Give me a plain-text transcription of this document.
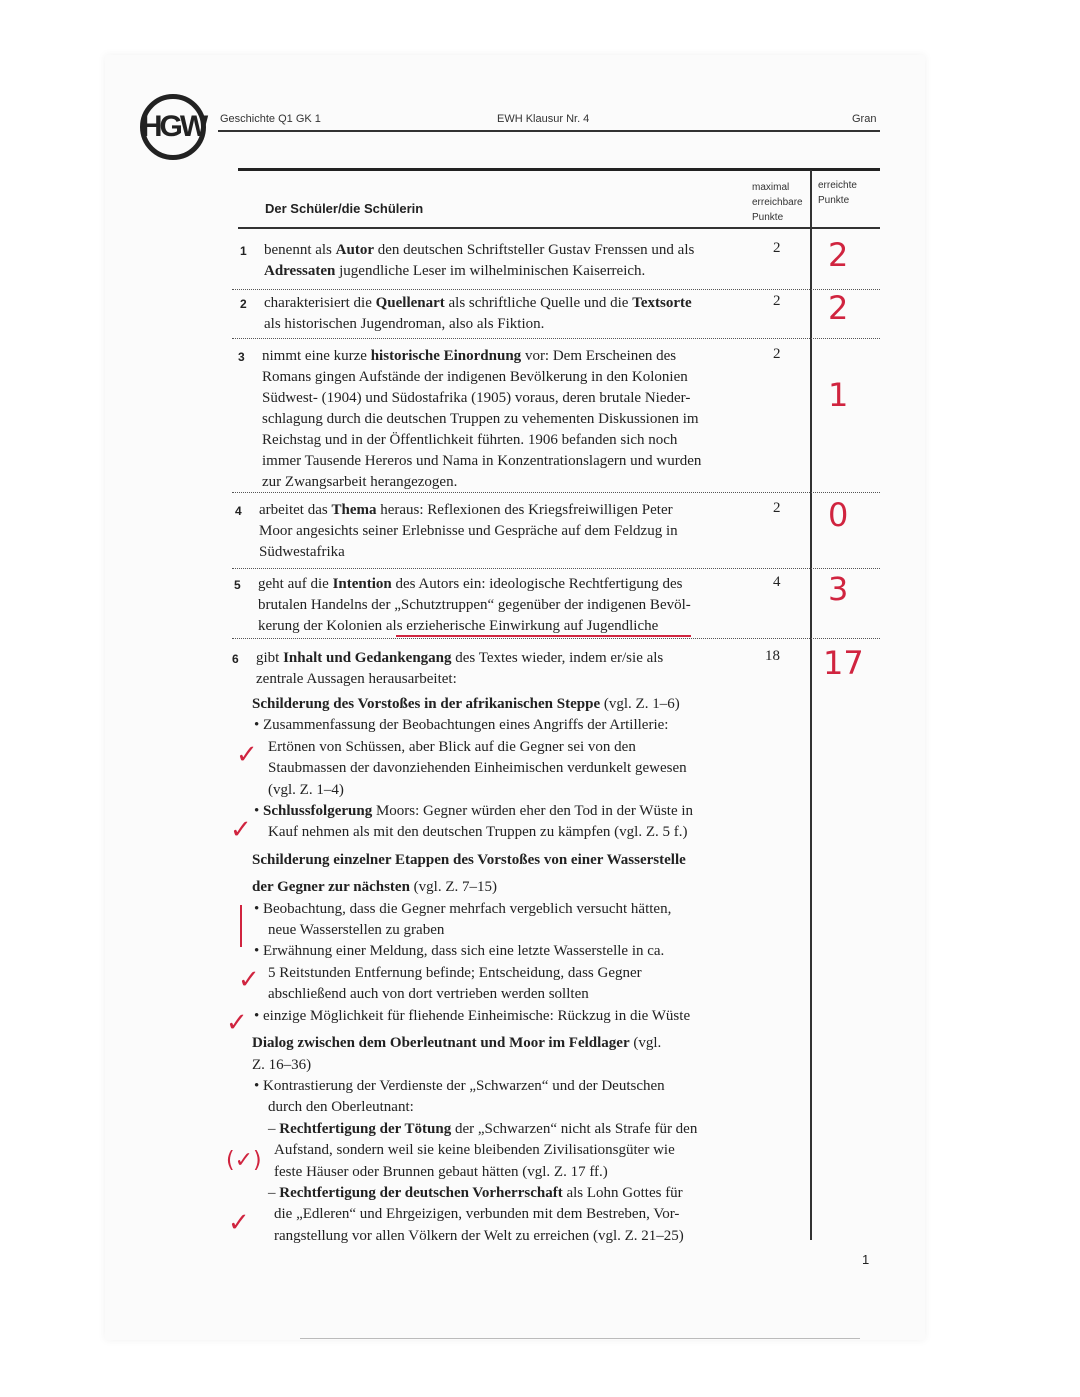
HGW Geschichte Q1 GK 1	EWH Klausur Nr. 4	Gran
Der Schüler/die Schülerin
maximal
erreichbare
Punkte
erreichte
Punkte
1 benennt als Autor den deutschen Schriftsteller Gustav Frenssen und als
Adressaten jugendliche Leser im wilhelminischen Kaiserreich.
2 2
2 charakterisiert die Quellenart als schriftliche Quelle und die Textsorte
als historischen Jugendroman, also als Fiktion.
2 2
3 nimmt eine kurze historische Einordnung vor: Dem Erscheinen des
Romans gingen Aufstände der indigenen Bevölkerung in den Kolonien
Südwest- (1904) und Südostafrika (1905) voraus, deren brutale Nieder-
schlagung durch die deutschen Truppen zu vehementen Diskussionen im
Reichstag und in der Öffentlichkeit führten. 1906 befanden sich noch
immer Tausende Hereros und Nama in Konzentrationslagern und wurden
zur Zwangsarbeit herangezogen.
2
1
4 arbeitet das Thema heraus: Reflexionen des Kriegsfreiwilligen Peter
Moor angesichts seiner Erlebnisse und Gespräche auf dem Feldzug in
Südwestafrika
2 0
5 geht auf die Intention des Autors ein: ideologische Rechtfertigung des
brutalen Handelns der „Schutztruppen“ gegenüber der indigenen Bevöl-
kerung der Kolonien als erzieherische Einwirkung auf Jugendliche
4 3
6 gibt Inhalt und Gedankengang des Textes wieder, indem er/sie als
zentrale Aussagen herausarbeitet:
18 17
Schilderung des Vorstoßes in der afrikanischen Steppe (vgl. Z. 1–6)
• Zusammenfassung der Beobachtungen eines Angriffs der Artillerie:
Ertönen von Schüssen, aber Blick auf die Gegner sei von den
Staubmassen der davonziehenden Einheimischen verdunkelt gewesen
(vgl. Z. 1–4)
• Schlussfolgerung Moors: Gegner würden eher den Tod in der Wüste in
Kauf nehmen als mit den deutschen Truppen zu kämpfen (vgl. Z. 5 f.)
Schilderung einzelner Etappen des Vorstoßes von einer Wasserstelle
der Gegner zur nächsten (vgl. Z. 7–15)
• Beobachtung, dass die Gegner mehrfach vergeblich versucht hätten,
neue Wasserstellen zu graben
• Erwähnung einer Meldung, dass sich eine letzte Wasserstelle in ca.
5 Reitstunden Entfernung befinde; Entscheidung, dass Gegner
abschließend auch von dort vertrieben werden sollten
• einzige Möglichkeit für fliehende Einheimische: Rückzug in die Wüste
Dialog zwischen dem Oberleutnant und Moor im Feldlager (vgl.
Z. 16–36)
• Kontrastierung der Verdienste der „Schwarzen“ und der Deutschen
durch den Oberleutnant:
– Rechtfertigung der Tötung der „Schwarzen“ nicht als Strafe für den
Aufstand, sondern weil sie keine bleibenden Zivilisationsgüter wie
feste Häuser oder Brunnen gebaut hätten (vgl. Z. 17 ff.)
– Rechtfertigung der deutschen Vorherrschaft als Lohn Gottes für
die „Edleren“ und Ehrgeizigen, verbunden mit dem Bestreben, Vor-
rangstellung vor allen Völkern der Welt zu erreichen (vgl. Z. 21–25)
✓
✓
✓
✓
(✓)
✓
1
